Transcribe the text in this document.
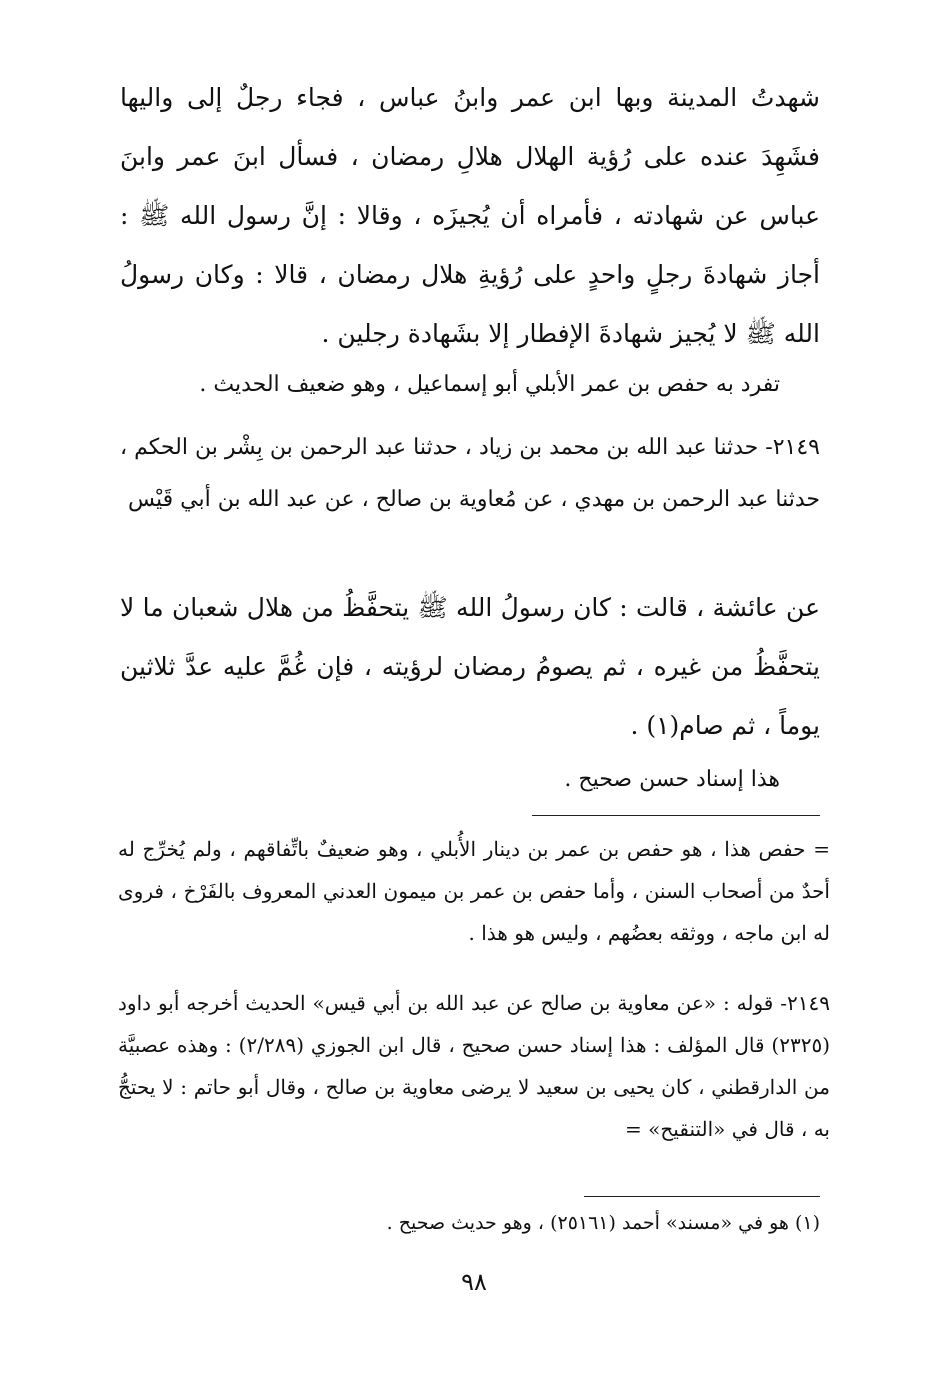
شهدتُ المدينة وبها ابن عمر وابنُ عباس ، فجاء رجلٌ إلى واليها فشَهِدَ عنده على رُؤية الهلال هلالِ رمضان ، فسأل ابنَ عمر وابنَ عباس عن شهادته ، فأمراه أن يُجيزَه ، وقالا : إنَّ رسول الله ﷺ : أجاز شهادةَ رجلٍ واحدٍ على رُؤيةِ هلال رمضان ، قالا : وكان رسولُ الله ﷺ لا يُجيز شهادةَ الإفطار إلا بشَهادة رجلين .
تفرد به حفص بن عمر الأبلي أبو إسماعيل ، وهو ضعيف الحديث .
٢١٤٩- حدثنا عبد الله بن محمد بن زياد ، حدثنا عبد الرحمن بن بِشْر بن الحكم ، حدثنا عبد الرحمن بن مهدي ، عن مُعاوية بن صالح ، عن عبد الله بن أبي قَيْس
عن عائشة ، قالت : كان رسولُ الله ﷺ يتحفَّظُ من هلال شعبان ما لا يتحفَّظُ من غيره ، ثم يصومُ رمضان لرؤيته ، فإن غُمَّ عليه عدَّ ثلاثين يوماً ، ثم صام(١) .
هذا إسناد حسن صحيح .
= حفص هذا ، هو حفص بن عمر بن دينار الأُبلي ، وهو ضعيفٌ باتِّفاقهم ، ولم يُخرِّج له أحدٌ من أصحاب السنن ، وأما حفص بن عمر بن ميمون العدني المعروف بالفَرْخ ، فروى له ابن ماجه ، ووثقه بعضُهم ، وليس هو هذا .
٢١٤٩- قوله : «عن معاوية بن صالح عن عبد الله بن أبي قيس» الحديث أخرجه أبو داود (٢٣٢٥) قال المؤلف : هذا إسناد حسن صحيح ، قال ابن الجوزي (٢/٢٨٩) : وهذه عصبيَّة من الدارقطني ، كان يحيى بن سعيد لا يرضى معاوية بن صالح ، وقال أبو حاتم : لا يحتجُّ به ، قال في «التنقيح» =
(١) هو في «مسند» أحمد (٢٥١٦١) ، وهو حديث صحيح .
٩٨
